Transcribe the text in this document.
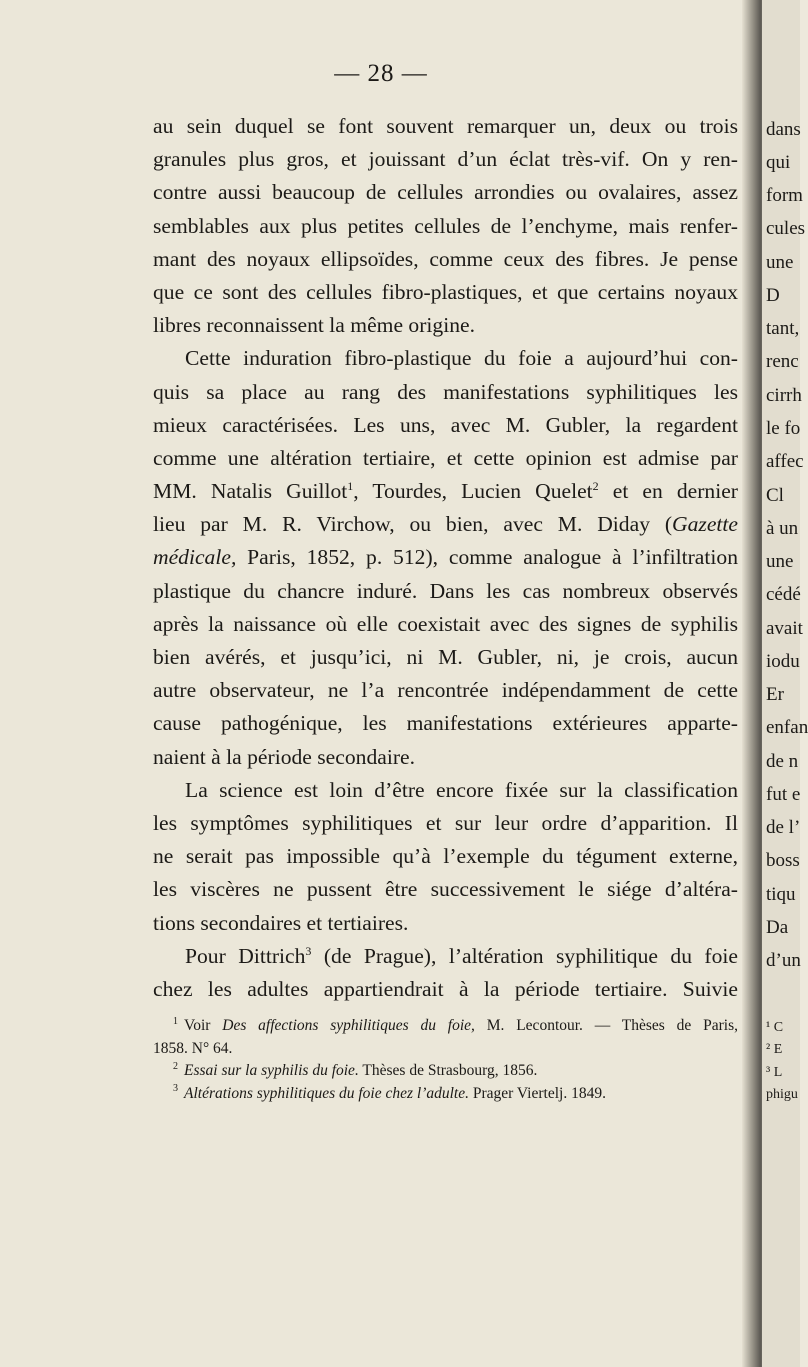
— 28 —
au sein duquel se font souvent remarquer un, deux ou trois
granules plus gros, et jouissant d’un éclat très-vif. On y ren-
contre aussi beaucoup de cellules arrondies ou ovalaires, assez
semblables aux plus petites cellules de l’enchyme, mais renfer-
mant des noyaux ellipsoïdes, comme ceux des fibres. Je pense
que ce sont des cellules fibro-plastiques, et que certains noyaux
libres reconnaissent la même origine.
Cette induration fibro-plastique du foie a aujourd’hui con-
quis sa place au rang des manifestations syphilitiques les
mieux caractérisées. Les uns, avec M. Gubler, la regardent
comme une altération tertiaire, et cette opinion est admise par
MM. Natalis Guillot$^1$, Tourdes, Lucien Quelet$^2$ et en dernier
lieu par M. R. Virchow, ou bien, avec M. Diday (Gazette
médicale, Paris, 1852, p. 512), comme analogue à l’infiltration
plastique du chancre induré. Dans les cas nombreux observés
après la naissance où elle coexistait avec des signes de syphilis
bien avérés, et jusqu’ici, ni M. Gubler, ni, je crois, aucun
autre observateur, ne l’a rencontrée indépendamment de cette
cause pathogénique, les manifestations extérieures apparte-
naient à la période secondaire.
La science est loin d’être encore fixée sur la classification
les symptômes syphilitiques et sur leur ordre d’apparition. Il
ne serait pas impossible qu’à l’exemple du tégument externe,
les viscères ne pussent être successivement le siége d’altéra-
tions secondaires et tertiaires.
Pour Dittrich$^3$ (de Prague), l’altération syphilitique du foie
chez les adultes appartiendrait à la période tertiaire. Suivie
$^1$ Voir Des affections syphilitiques du foie, M. Lecontour. — Thèses de Paris,
1858. N° 64.
$^2$ Essai sur la syphilis du foie. Thèses de Strasbourg, 1856.
$^3$ Altérations syphilitiques du foie chez l’adulte. Prager Viertelj. 1849.
dans
qui
form
cules
une
D
tant,
renc
cirrh
le fo
affec
Cl
à un
une
cédé
avait
iodu
Er
enfan
de n
fut e
de l’
boss
tiqu
Da
d’un
¹ C
² E
³ L
phigu
